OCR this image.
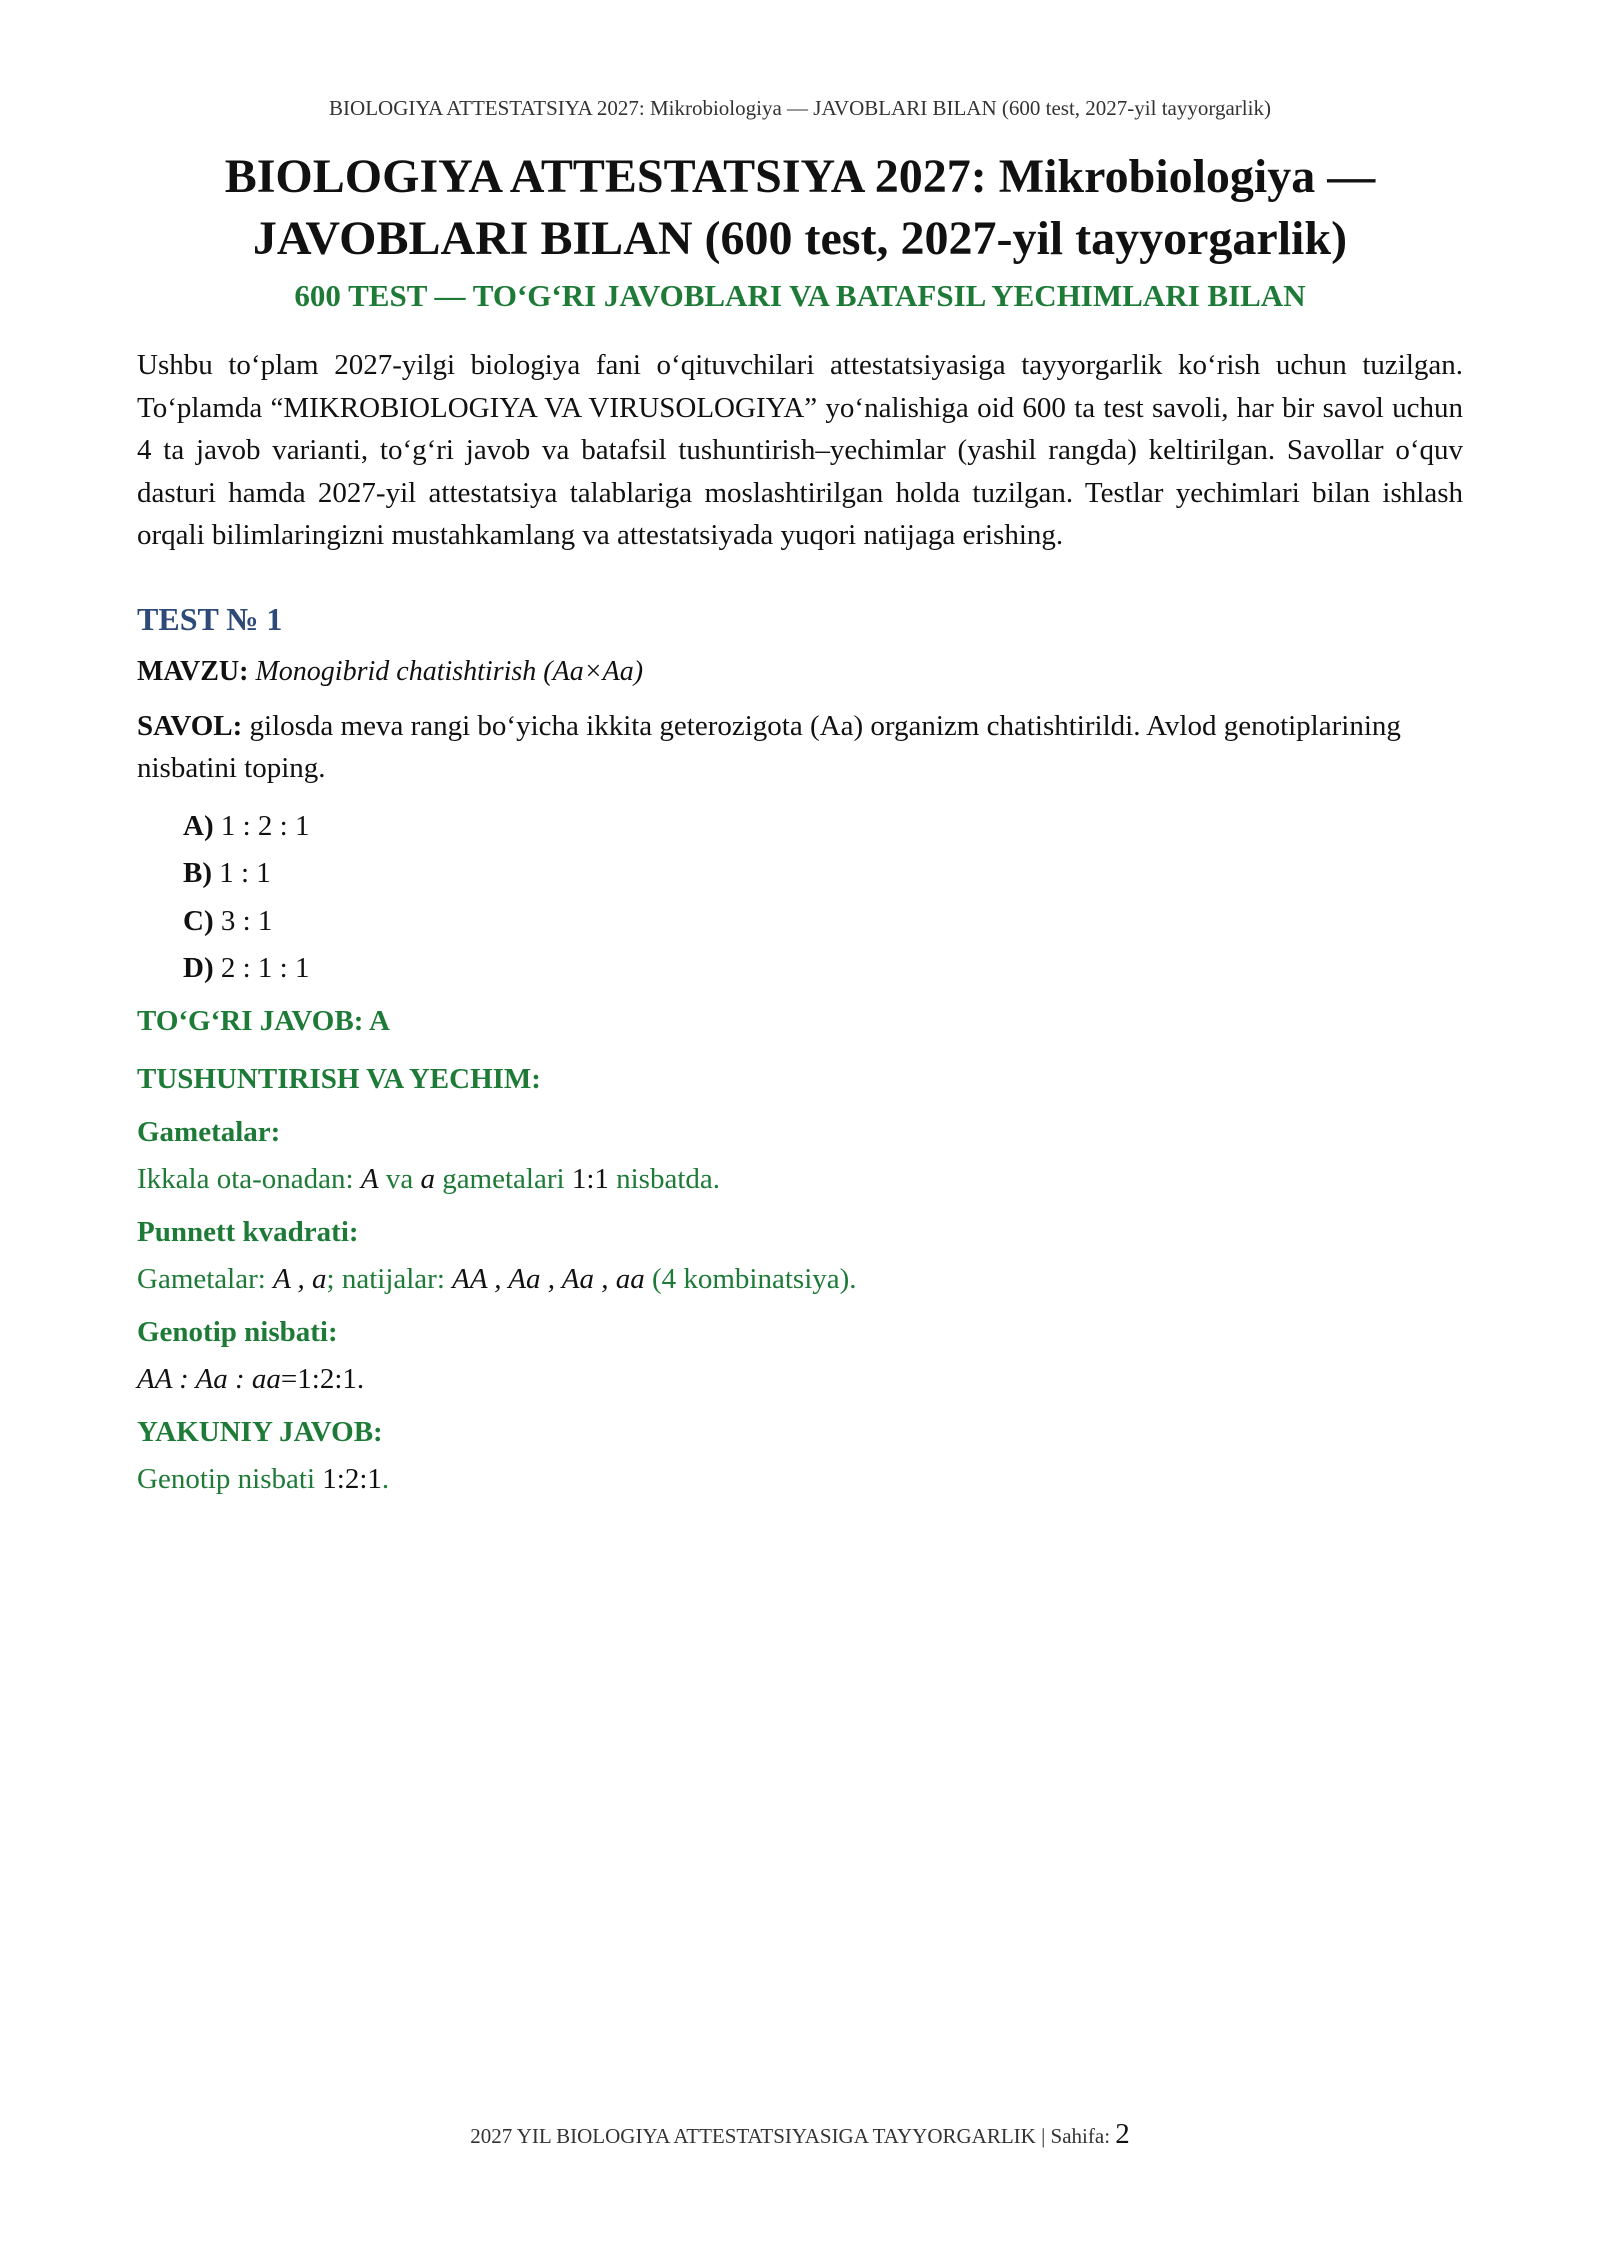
BIOLOGIYA ATTESTATSIYA 2027: Mikrobiologiya — JAVOBLARI BILAN (600 test, 2027-yil tayyorgarlik)
BIOLOGIYA ATTESTATSIYA 2027: Mikrobiologiya —
JAVOBLARI BILAN (600 test, 2027-yil tayyorgarlik)
600 TEST — TO‘G‘RI JAVOBLARI VA BATAFSIL YECHIMLARI BILAN

Ushbu to‘plam 2027-yilgi biologiya fani o‘qituvchilari attestatsiyasiga tayyorgarlik ko‘rish uchun tuzilgan. To‘plamda “MIKROBIOLOGIYA VA VIRUSOLOGIYA” yo‘nalishiga oid 600 ta test savoli, har bir savol uchun 4 ta javob varianti, to‘g‘ri javob va batafsil tushuntirish–yechimlar (yashil rangda) keltirilgan. Savollar o‘quv dasturi hamda 2027-yil attestatsiya talablariga moslashtirilgan holda tuzilgan. Testlar yechimlari bilan ishlash orqali bilimlaringizni mustahkamlang va attestatsiyada yuqori natijaga erishing.

TEST № 1

MAVZU: Monogibrid chatishtirish (Aa×Aa)

SAVOL: gilosda meva rangi bo‘yicha ikkita geterozigota (Aa) organizm chatishtirildi. Avlod genotiplarining nisbatini toping.

A) 1 : 2 : 1
B) 1 : 1
C) 3 : 1
D) 2 : 1 : 1
TO‘G‘RI JAVOB: A
TUSHUNTIRISH VA YECHIM:
Gametalar:

Ikkala ota-onadan: A va a gametalari 1:1 nisbatda.

Punnett kvadrati:

Gametalar: A , a; natijalar: AA , Aa , Aa , aa (4 kombinatsiya).

Genotip nisbati:

AA : Aa : aa=1:2:1.

YAKUNIY JAVOB:

Genotip nisbati 1:2:1.

2027 YIL BIOLOGIYA ATTESTATSIYASIGA TAYYORGARLIK | Sahifa: 2
